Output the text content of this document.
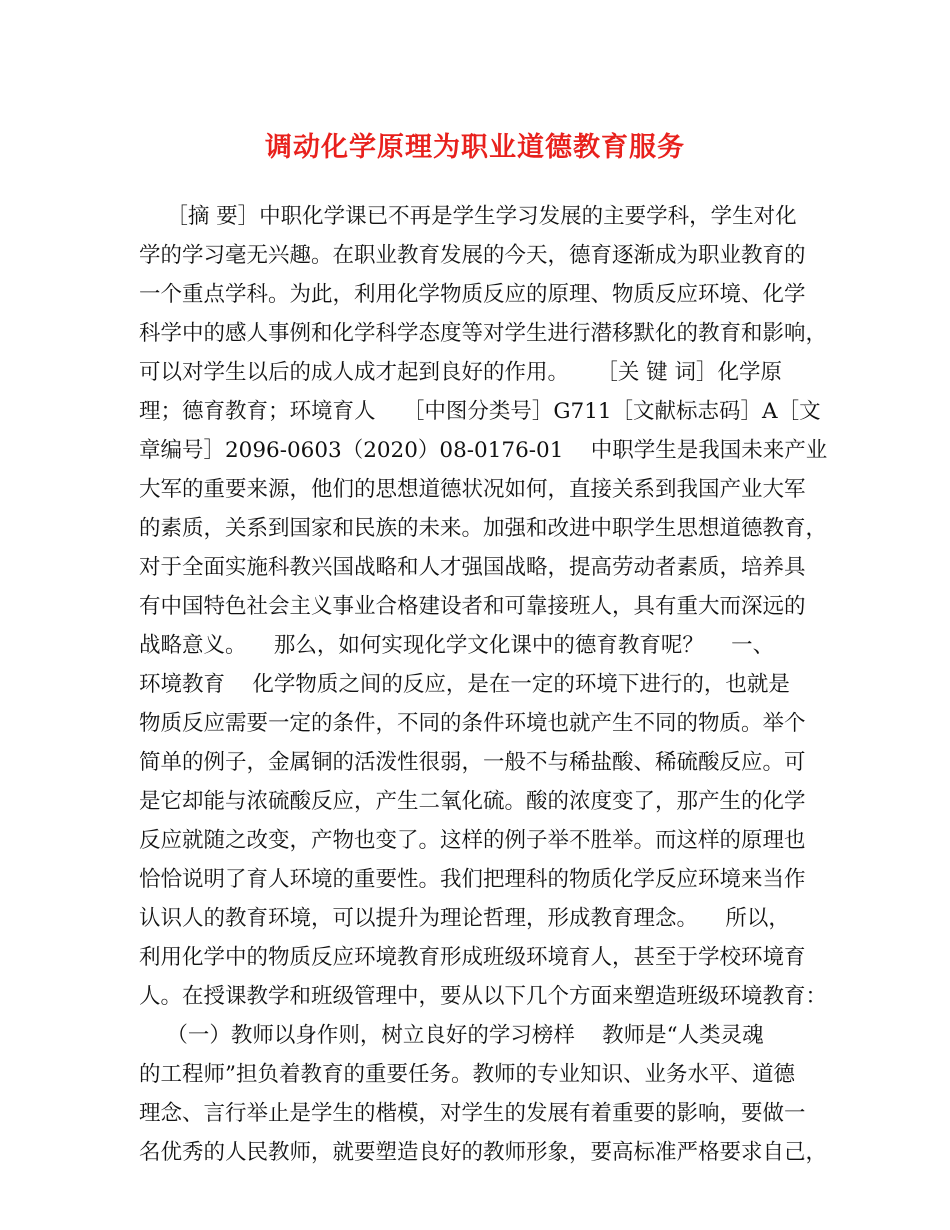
调动化学原理为职业道德教育服务
［摘 要］中职化学课已不再是学生学习发展的主要学科，学生对化
学的学习毫无兴趣。在职业教育发展的今天，德育逐渐成为职业教育的
一个重点学科。为此，利用化学物质反应的原理、物质反应环境、化学
科学中的感人事例和化学科学态度等对学生进行潜移默化的教育和影响，
可以对学生以后的成人成才起到良好的作用。    ［关 键 词］化学原
理；德育教育；环境育人    ［中图分类号］G711［文献标志码］A［文
章编号］2096-0603（2020）08-0176-01    中职学生是我国未来产业
大军的重要来源，他们的思想道德状况如何，直接关系到我国产业大军
的素质，关系到国家和民族的未来。加强和改进中职学生思想道德教育，
对于全面实施科教兴国战略和人才强国战略，提高劳动者素质，培养具
有中国特色社会主义事业合格建设者和可靠接班人，具有重大而深远的
战略意义。    那么，如何实现化学文化课中的德育教育呢？    一、
环境教育    化学物质之间的反应，是在一定的环境下进行的，也就是
物质反应需要一定的条件，不同的条件环境也就产生不同的物质。举个
简单的例子，金属铜的活泼性很弱，一般不与稀盐酸、稀硫酸反应。可
是它却能与浓硫酸反应，产生二氧化硫。酸的浓度变了，那产生的化学
反应就随之改变，产物也变了。这样的例子举不胜举。而这样的原理也
恰恰说明了育人环境的重要性。我们把理科的物质化学反应环境来当作
认识人的教育环境，可以提升为理论哲理，形成教育理念。    所以，
利用化学中的物质反应环境教育形成班级环境育人，甚至于学校环境育
人。在授课教学和班级管理中，要从以下几个方面来塑造班级环境教育：
（一）教师以身作则，树立良好的学习榜样    教师是“人类灵魂
的工程师”担负着教育的重要任务。教师的专业知识、业务水平、道德
理念、言行举止是学生的楷模，对学生的发展有着重要的影响，要做一
名优秀的人民教师，就要塑造良好的教师形象，要高标准严格要求自己，
